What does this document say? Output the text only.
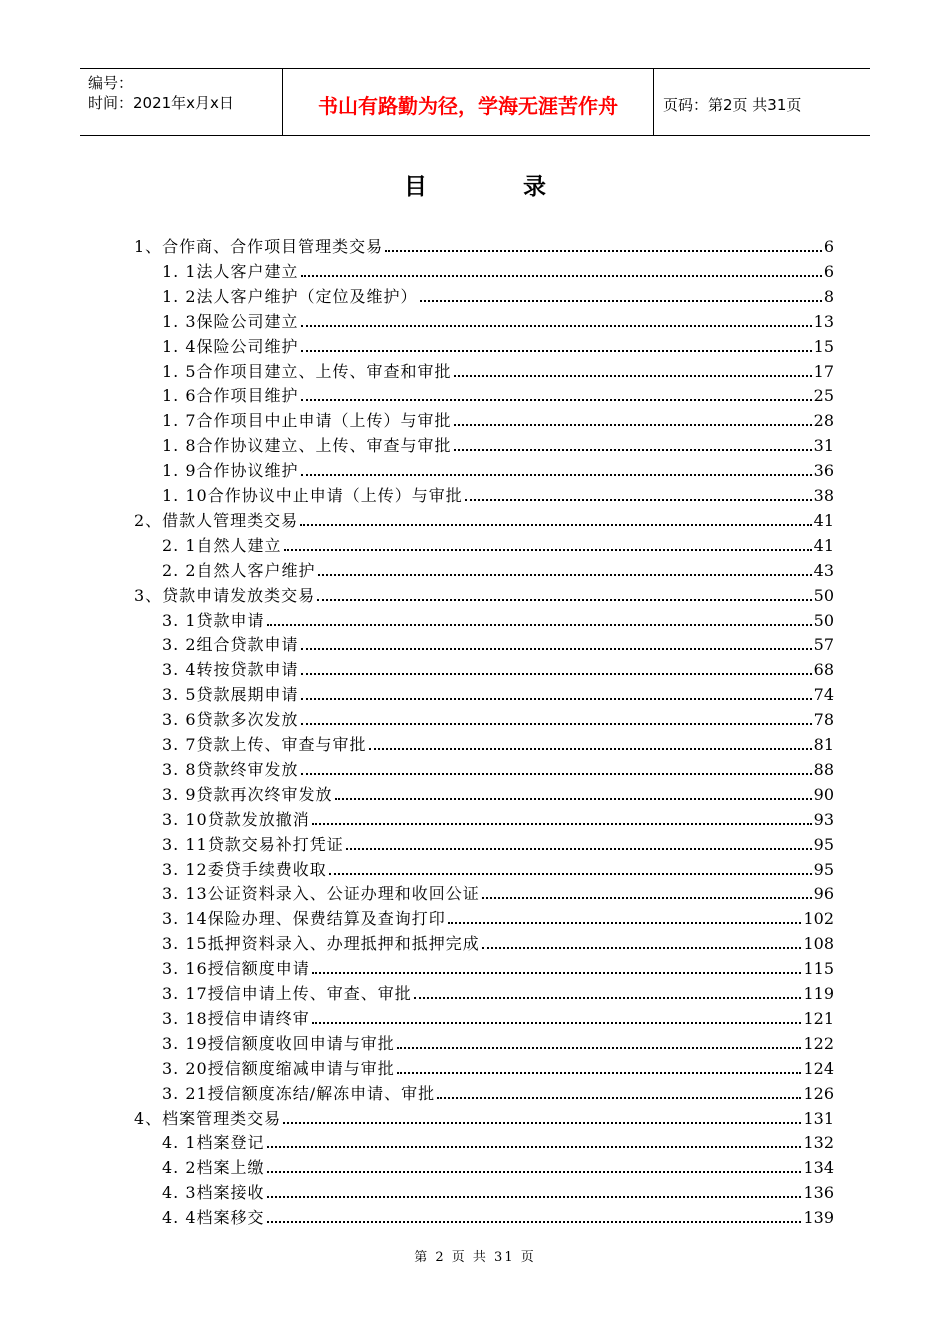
编号：
时间：2021年x月x日	书山有路勤为径，学海无涯苦作舟	页码：第2页 共31页
目 录
1、合作商、合作项目管理类交易	6
1. 1法人客户建立	6
1. 2法人客户维护（定位及维护）	8
1. 3保险公司建立	13
1. 4保险公司维护	15
1. 5合作项目建立、上传、审查和审批	17
1. 6合作项目维护	25
1. 7合作项目中止申请（上传）与审批	28
1. 8合作协议建立、上传、审查与审批	31
1. 9合作协议维护	36
1. 10合作协议中止申请（上传）与审批	38
2、借款人管理类交易	41
2. 1自然人建立	41
2. 2自然人客户维护	43
3、贷款申请发放类交易	50
3. 1贷款申请	50
3. 2组合贷款申请	57
3. 4转按贷款申请	68
3. 5贷款展期申请	74
3. 6贷款多次发放	78
3. 7贷款上传、审查与审批	81
3. 8贷款终审发放	88
3. 9贷款再次终审发放	90
3. 10贷款发放撤消	93
3. 11贷款交易补打凭证	95
3. 12委贷手续费收取	95
3. 13公证资料录入、公证办理和收回公证	96
3. 14保险办理、保费结算及查询打印	102
3. 15抵押资料录入、办理抵押和抵押完成	108
3. 16授信额度申请	115
3. 17授信申请上传、审查、审批	119
3. 18授信申请终审	121
3. 19授信额度收回申请与审批	122
3. 20授信额度缩减申请与审批	124
3. 21授信额度冻结/解冻申请、审批	126
4、档案管理类交易	131
4. 1档案登记	132
4. 2档案上缴	134
4. 3档案接收	136
4. 4档案移交	139
第 2 页 共 31 页
